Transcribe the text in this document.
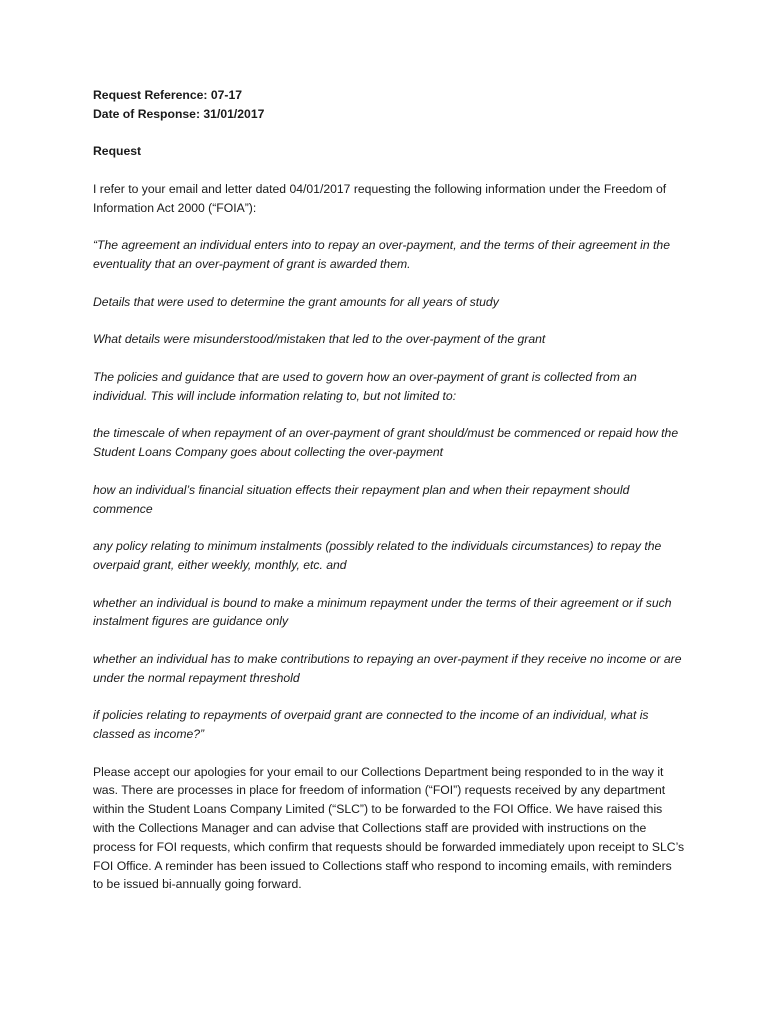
Request Reference: 07-17

Date of Response: 31/01/2017

Request

I refer to your email and letter dated 04/01/2017 requesting the following information under the Freedom of Information Act 2000 (“FOIA”):

“The agreement an individual enters into to repay an over-payment, and the terms of their agreement in the eventuality that an over-payment of grant is awarded them.

Details that were used to determine the grant amounts for all years of study

What details were misunderstood/mistaken that led to the over-payment of the grant

The policies and guidance that are used to govern how an over-payment of grant is collected from an individual. This will include information relating to, but not limited to:

the timescale of when repayment of an over-payment of grant should/must be commenced or repaid how the Student Loans Company goes about collecting the over-payment

how an individual’s financial situation effects their repayment plan and when their repayment should commence

any policy relating to minimum instalments (possibly related to the individuals circumstances) to repay the overpaid grant, either weekly, monthly, etc. and

whether an individual is bound to make a minimum repayment under the terms of their agreement or if such instalment figures are guidance only

whether an individual has to make contributions to repaying an over-payment if they receive no income or are under the normal repayment threshold

if policies relating to repayments of overpaid grant are connected to the income of an individual, what is classed as income?”

Please accept our apologies for your email to our Collections Department being responded to in the way it was. There are processes in place for freedom of information (“FOI”) requests received by any department within the Student Loans Company Limited (“SLC”) to be forwarded to the FOI Office. We have raised this with the Collections Manager and can advise that Collections staff are provided with instructions on the process for FOI requests, which confirm that requests should be forwarded immediately upon receipt to SLC’s FOI Office. A reminder has been issued to Collections staff who respond to incoming emails, with reminders to be issued bi-annually going forward.
